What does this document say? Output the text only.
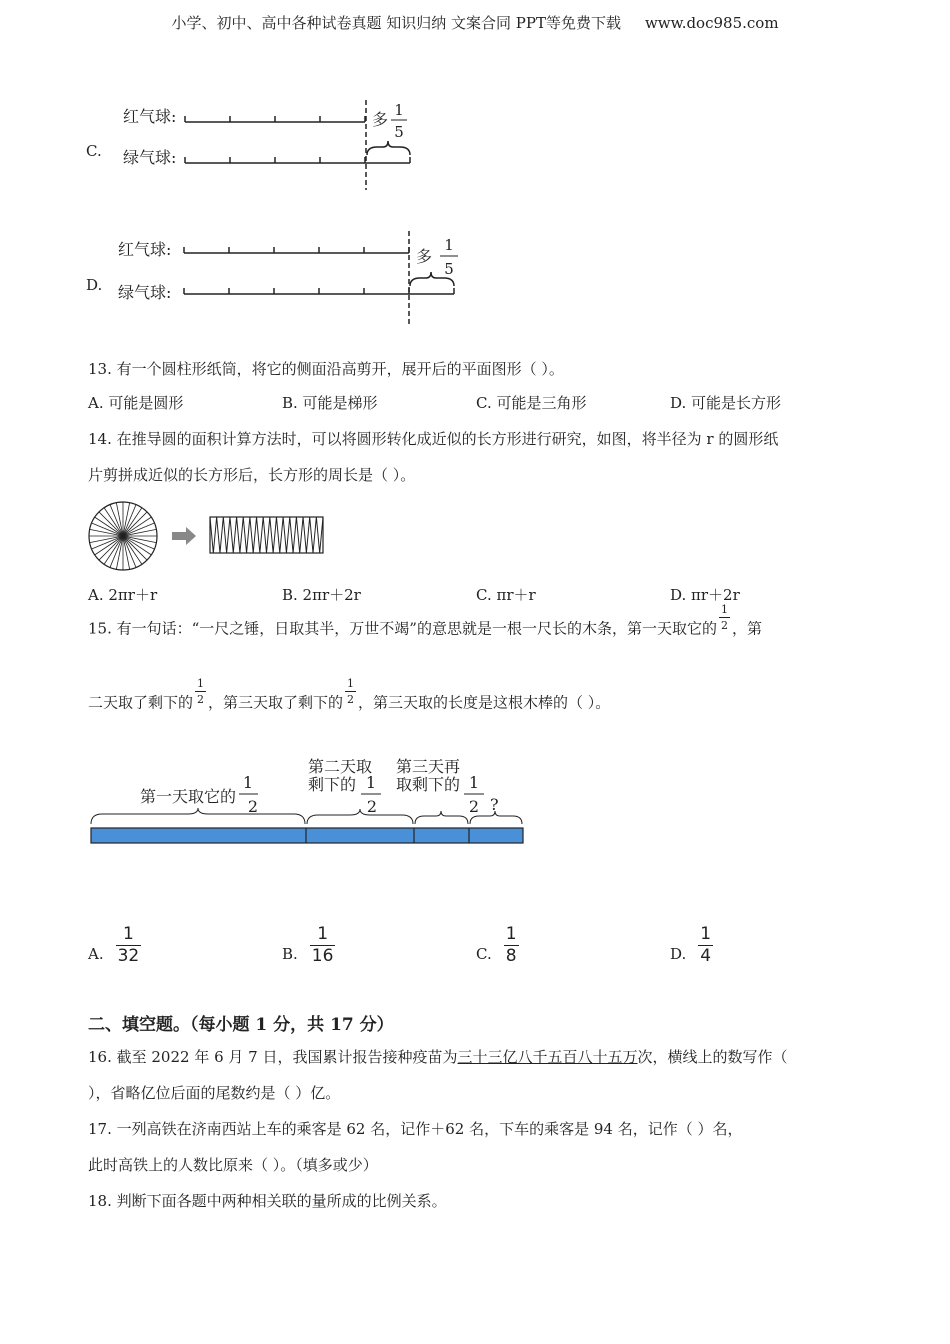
小学、初中、高中各种试卷真题 知识归纳 文案合同 PPT等免费下载 www.doc985.com
C.
红气球:
绿气球:
多 1
5
D.
红气球:
绿气球:
多
1
5
13. 有一个圆柱形纸筒，将它的侧面沿高剪开，展开后的平面图形（ ）。
A. 可能是圆形	B. 可能是梯形	C. 可能是三角形	D. 可能是长方形
14. 在推导圆的面积计算方法时，可以将圆形转化成近似的长方形进行研究，如图，将半径为 r 的圆形纸
片剪拼成近似的长方形后，长方形的周长是（ ）。
A. 2πr＋r	B. 2πr＋2r	C. πr＋r	D. πr＋2r
15. 有一句话：“一尺之锤，日取其半，万世不竭”的意思就是一根一尺长的木条，第一天取它的 $\frac{1}{2}$ ，第
二天取了剩下的 $\frac{1}{2}$ ，第三天取了剩下的 $\frac{1}{2}$ ，第三天取的长度是这根木棒的（ ）。
第一天取它的
1
2
第二天取
剩下的 1
2
第三天再
取剩下的 1
2 ?
A. $\frac{1}{32}$	B. $\frac{1}{16}$	C. $\frac{1}{8}$	D. $\frac{1}{4}$
二、填空题。（每小题 1 分，共 17 分）
16. 截至 2022 年 6 月 7 日，我国累计报告接种疫苗为三十三亿八千五百八十五万次，横线上的数写作（
），省略亿位后面的尾数约是（ ）亿。
17. 一列高铁在济南西站上车的乘客是 62 名，记作＋62 名，下车的乘客是 94 名，记作（ ）名，
此时高铁上的人数比原来（ ）。（填多或少）
18. 判断下面各题中两种相关联的量所成的比例关系。
